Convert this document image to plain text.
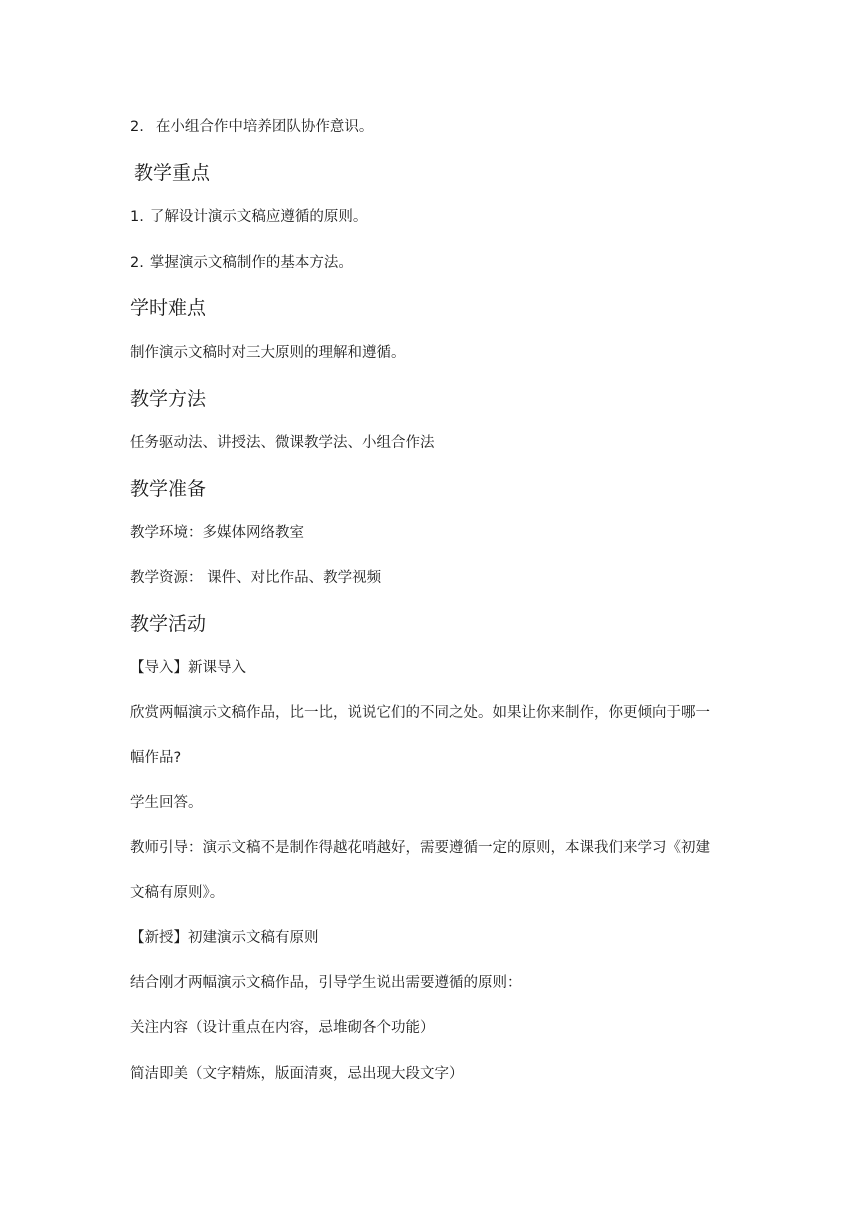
2. 在小组合作中培养团队协作意识。
教学重点
1. 了解设计演示文稿应遵循的原则。
2. 掌握演示文稿制作的基本方法。
学时难点
制作演示文稿时对三大原则的理解和遵循。
教学方法
任务驱动法、讲授法、微课教学法、小组合作法
教学准备
教学环境：多媒体网络教室
教学资源： 课件、对比作品、教学视频
教学活动
【导入】新课导入
欣赏两幅演示文稿作品，比一比，说说它们的不同之处。如果让你来制作，你更倾向于哪一
幅作品?
学生回答。
教师引导：演示文稿不是制作得越花哨越好，需要遵循一定的原则，本课我们来学习《初建
文稿有原则》。
【新授】初建演示文稿有原则
结合刚才两幅演示文稿作品，引导学生说出需要遵循的原则：
关注内容（设计重点在内容，忌堆砌各个功能）
简洁即美（文字精炼，版面清爽，忌出现大段文字）
